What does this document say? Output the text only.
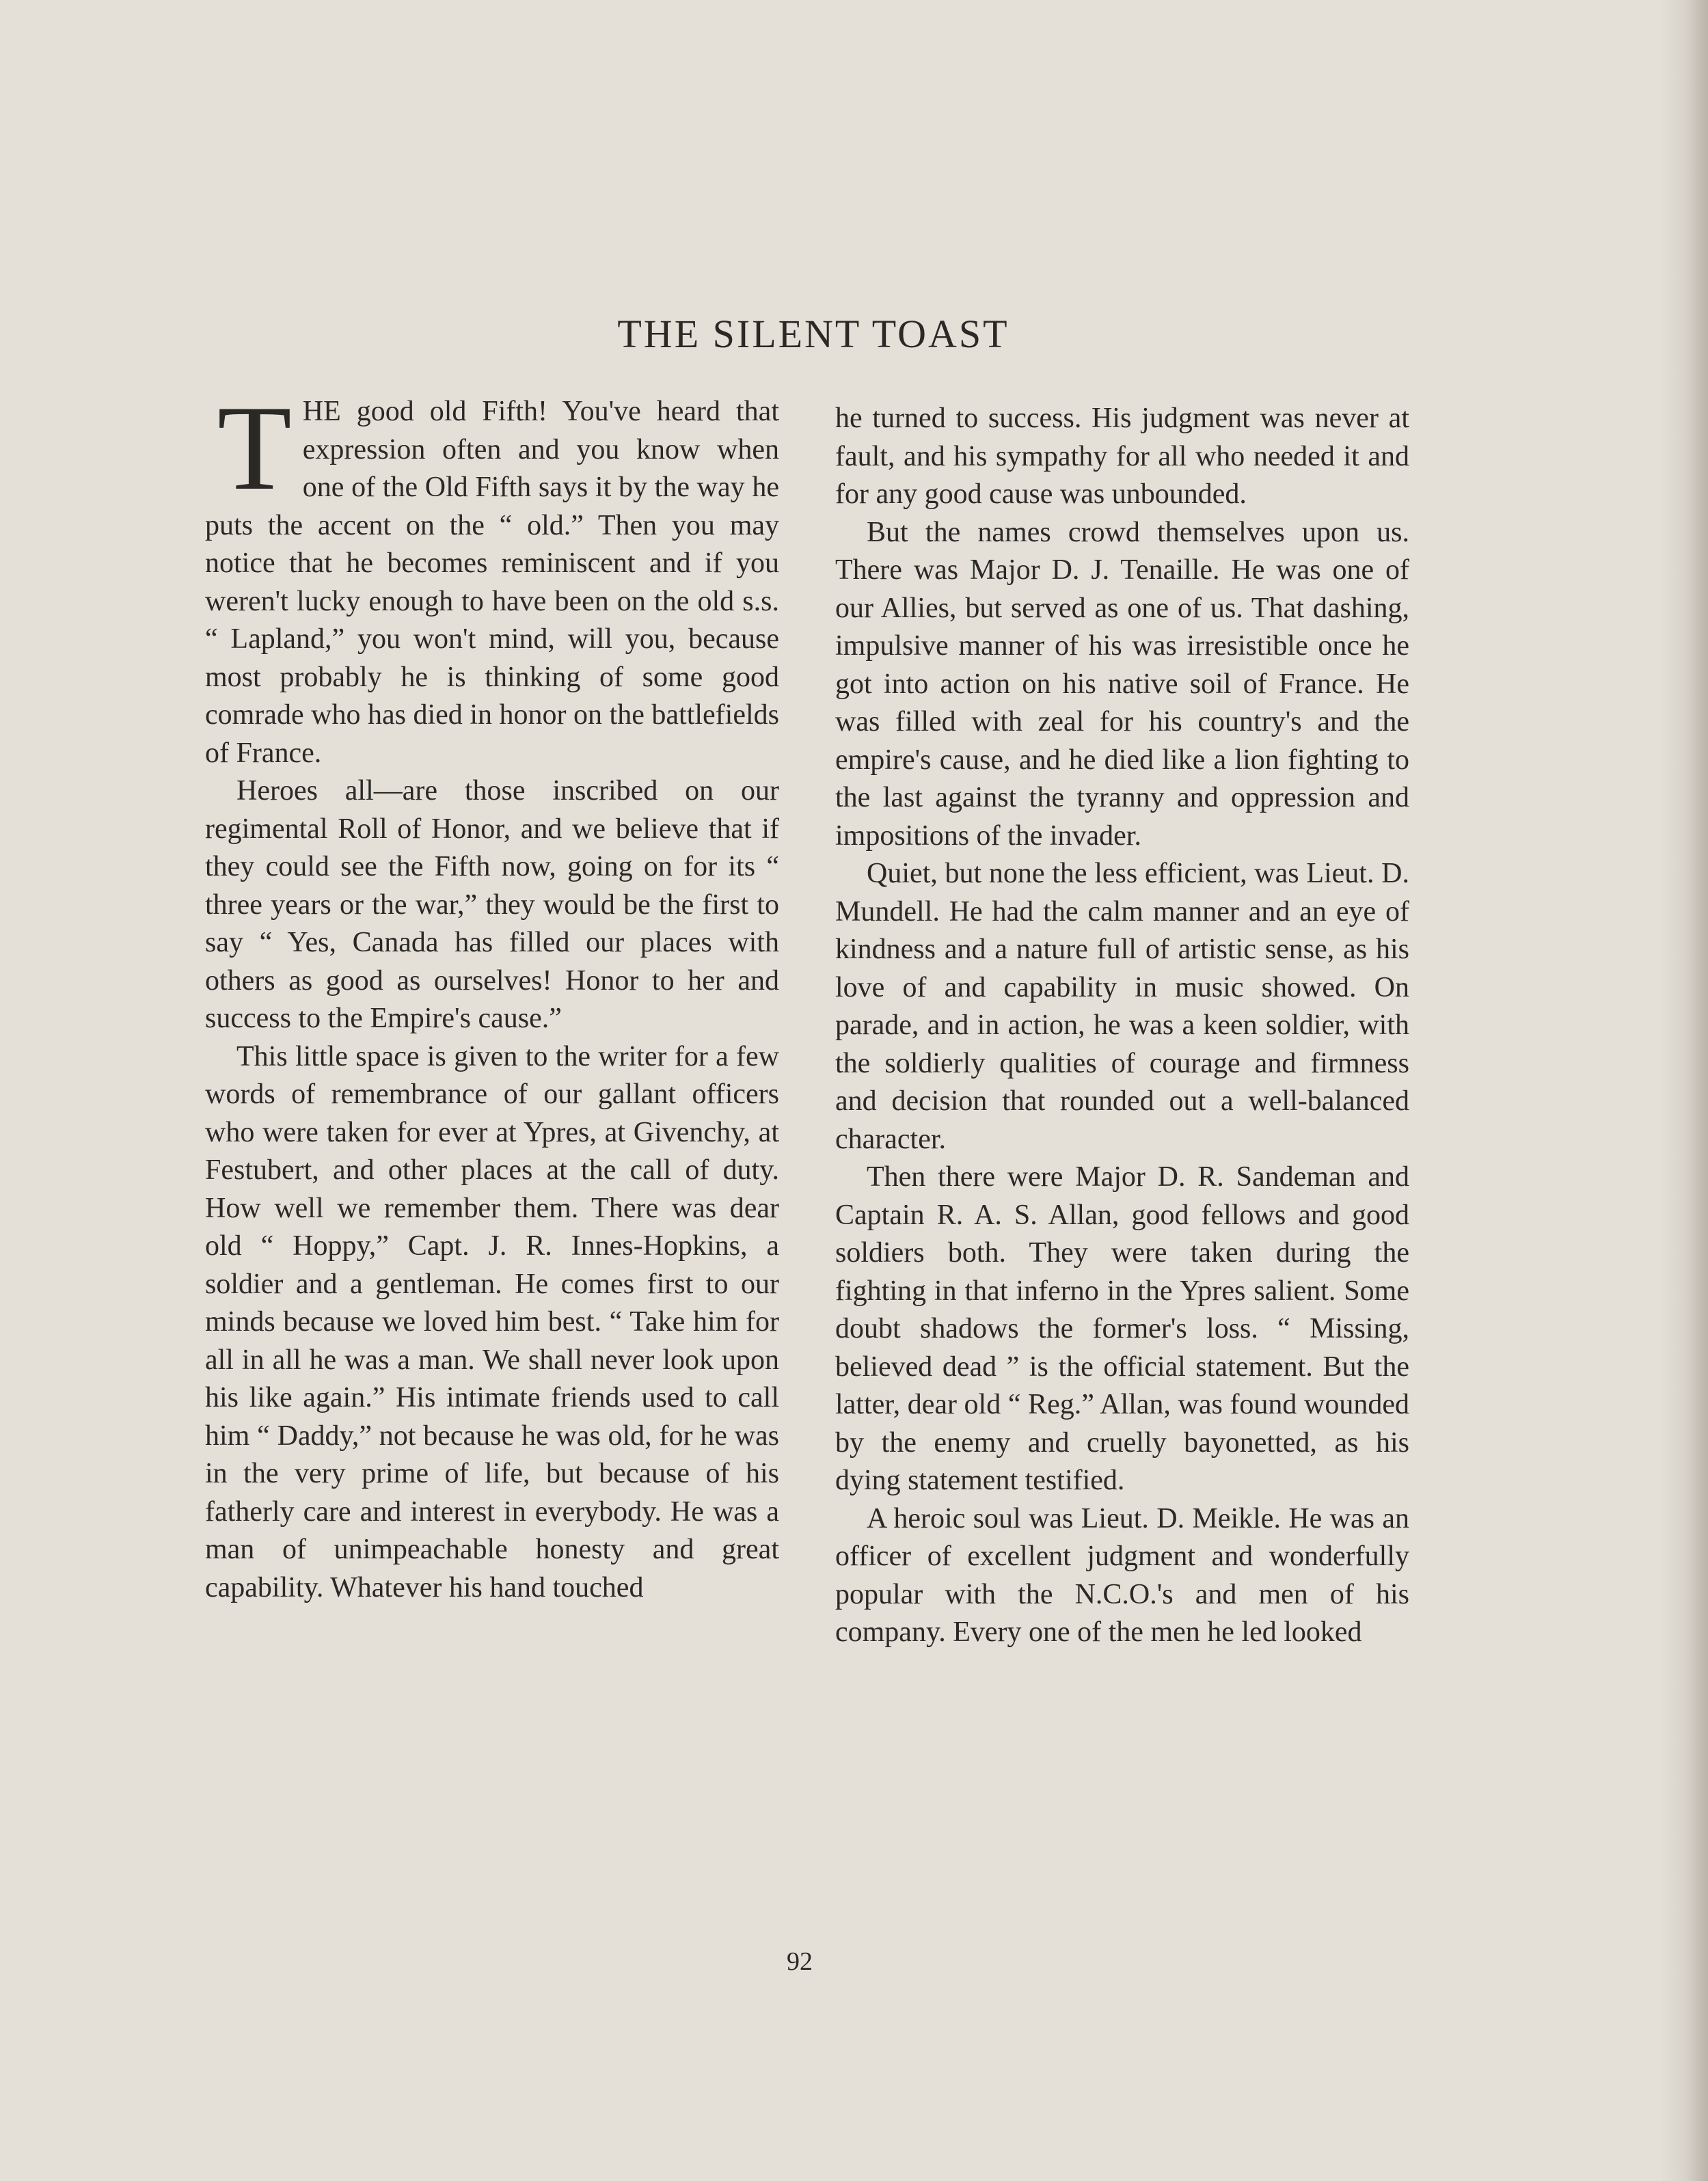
THE SILENT TOAST

THE good old Fifth! You've heard that expression often and you know when one of the Old Fifth says it by the way he puts the accent on the “ old.” Then you may notice that he becomes reminiscent and if you weren't lucky enough to have been on the old s.s. “ Lapland,” you won't mind, will you, because most probably he is thinking of some good comrade who has died in honor on the battlefields of France.

Heroes all—are those inscribed on our regimental Roll of Honor, and we believe that if they could see the Fifth now, going on for its “ three years or the war,” they would be the first to say “ Yes, Canada has filled our places with others as good as ourselves! Honor to her and success to the Empire's cause.”

This little space is given to the writer for a few words of remembrance of our gallant officers who were taken for ever at Ypres, at Givenchy, at Festubert, and other places at the call of duty. How well we remember them. There was dear old “ Hoppy,” Capt. J. R. Innes-Hopkins, a soldier and a gentleman. He comes first to our minds because we loved him best. “ Take him for all in all he was a man. We shall never look upon his like again.” His intimate friends used to call him “ Daddy,” not because he was old, for he was in the very prime of life, but because of his fatherly care and interest in everybody. He was a man of unimpeachable honesty and great capability. Whatever his hand touched

he turned to success. His judgment was never at fault, and his sympathy for all who needed it and for any good cause was unbounded.

But the names crowd themselves upon us. There was Major D. J. Tenaille. He was one of our Allies, but served as one of us. That dashing, impulsive manner of his was irresistible once he got into action on his native soil of France. He was filled with zeal for his country's and the empire's cause, and he died like a lion fighting to the last against the tyranny and oppression and impositions of the invader.

Quiet, but none the less efficient, was Lieut. D. Mundell. He had the calm manner and an eye of kindness and a nature full of artistic sense, as his love of and capability in music showed. On parade, and in action, he was a keen soldier, with the soldierly qualities of courage and firmness and decision that rounded out a well-balanced character.

Then there were Major D. R. Sandeman and Captain R. A. S. Allan, good fellows and good soldiers both. They were taken during the fighting in that inferno in the Ypres salient. Some doubt shadows the former's loss. “ Missing, believed dead ” is the official statement. But the latter, dear old “ Reg.” Allan, was found wounded by the enemy and cruelly bayonetted, as his dying statement testified.

A heroic soul was Lieut. D. Meikle. He was an officer of excellent judgment and wonderfully popular with the N.C.O.'s and men of his company. Every one of the men he led looked

92
